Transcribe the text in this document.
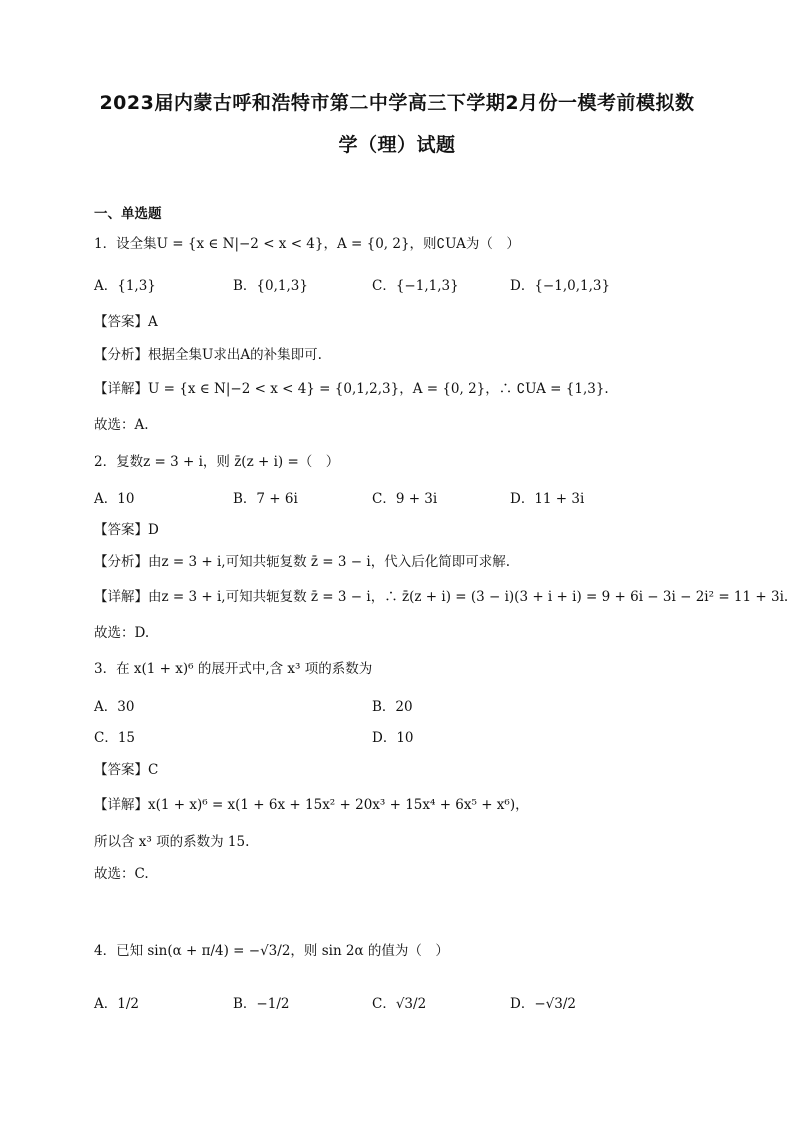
2023届内蒙古呼和浩特市第二中学高三下学期2月份一模考前模拟数
学（理）试题
一、单选题
1．设全集U = {x ∈ N|−2 < x < 4}，A = {0, 2}，则∁UA为（　）
A．{1,3}	B．{0,1,3}	C．{−1,1,3}	D．{−1,0,1,3}
【答案】A
【分析】根据全集U求出A的补集即可.
【详解】U = {x ∈ N|−2 < x < 4} = {0,1,2,3}，A = {0, 2}，∴ ∁UA = {1,3}.
故选：A.
2．复数z = 3 + i，则 z̄(z + i) =（　）
A．10	B．7 + 6i	C．9 + 3i	D．11 + 3i
【答案】D
【分析】由z = 3 + i,可知共轭复数 z̄ = 3 − i，代入后化简即可求解.
【详解】由z = 3 + i,可知共轭复数 z̄ = 3 − i，∴ z̄(z + i) = (3 − i)(3 + i + i) = 9 + 6i − 3i − 2i² = 11 + 3i.
故选：D.
3．在 x(1 + x)⁶ 的展开式中,含 x³ 项的系数为
A．30	B．20
C．15	D．10
【答案】C
【详解】x(1 + x)⁶ = x(1 + 6x + 15x² + 20x³ + 15x⁴ + 6x⁵ + x⁶)，
所以含 x³ 项的系数为 15.
故选：C.
4．已知 sin(α + π/4) = −√3/2，则 sin 2α 的值为（　）
A．1/2	B．−1/2	C．√3/2	D．−√3/2
